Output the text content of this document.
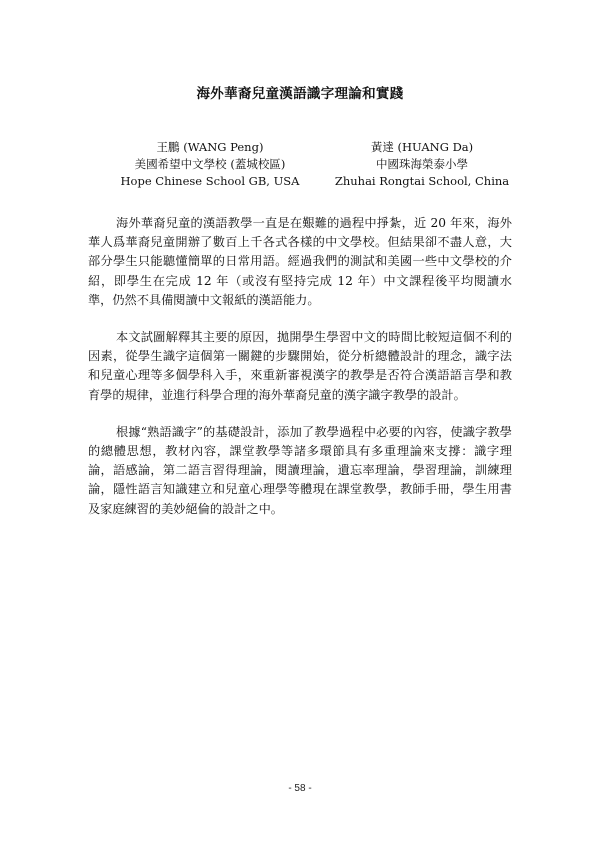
海外華裔兒童漢語識字理論和實踐
王鵬 (WANG Peng)
美國希望中文學校 (蓋城校區)
Hope Chinese School GB, USA
黃達 (HUANG Da)
中國珠海榮泰小學
Zhuhai Rongtai School, China

海外華裔兒童的漢語教學一直是在艱難的過程中掙紮，近 20 年來，海外華人爲華裔兒童開辦了數百上千各式各樣的中文學校。但結果卻不盡人意，大部分學生只能聽懂簡單的日常用語。經過我們的測試和美國一些中文學校的介紹，即學生在完成 12 年（或沒有堅持完成 12 年）中文課程後平均閱讀水準，仍然不具備閱讀中文報紙的漢語能力。

本文試圖解釋其主要的原因，拋開學生學習中文的時間比較短這個不利的因素，從學生識字這個第一關鍵的步驟開始，從分析總體設計的理念，識字法和兒童心理等多個學科入手，來重新審視漢字的教學是否符合漢語語言學和教育學的規律，並進行科學合理的海外華裔兒童的漢字識字教學的設計。

根據“熟語識字”的基礎設計，添加了教學過程中必要的內容，使識字教學的總體思想，教材內容，課堂教學等諸多環節具有多重理論來支撐：識字理論，語感論，第二語言習得理論，閱讀理論，遺忘率理論，學習理論，訓練理論，隱性語言知識建立和兒童心理學等體現在課堂教學，教師手冊，學生用書及家庭練習的美妙絕倫的設計之中。

- 58 -
